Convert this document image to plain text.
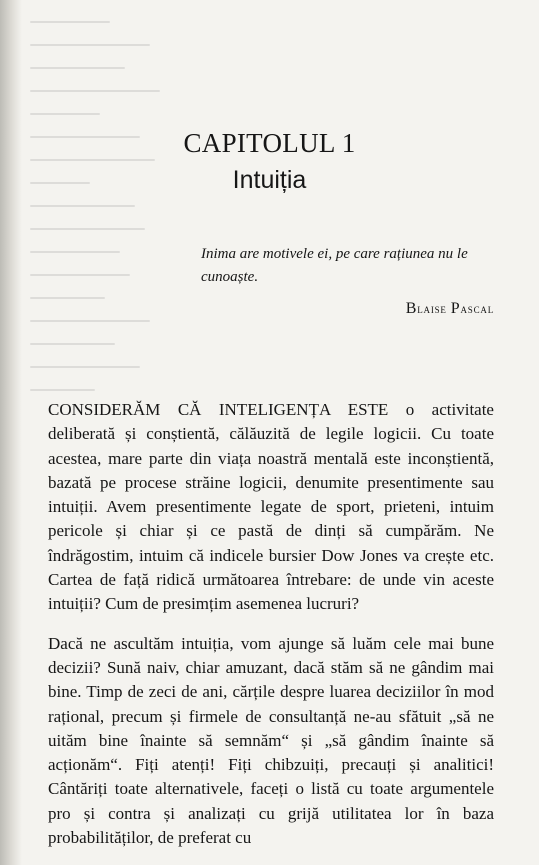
CAPITOLUL 1
Intuiția
Inima are motivele ei, pe care rațiunea nu le cunoaște.
Blaise Pascal

CONSIDERĂM CĂ INTELIGENȚA ESTE o activitate deliberată și conștientă, călăuzită de legile logicii. Cu toate acestea, mare parte din viața noastră mentală este inconștientă, bazată pe procese străine logicii, denumite presentimente sau intuiții. Avem presentimente legate de sport, prieteni, intuim pericole și chiar și ce pastă de dinți să cumpărăm. Ne îndrăgostim, intuim că indicele bursier Dow Jones va crește etc. Cartea de față ridică următoarea întrebare: de unde vin aceste intuiții? Cum de presimțim asemenea lucruri?

Dacă ne ascultăm intuiția, vom ajunge să luăm cele mai bune decizii? Sună naiv, chiar amuzant, dacă stăm să ne gândim mai bine. Timp de zeci de ani, cărțile despre luarea deciziilor în mod rațional, precum și firmele de consultanță ne-au sfătuit „să ne uităm bine înainte să semnăm“ și „să gândim înainte să acționăm“. Fiți atenți! Fiți chibzuiți, precauți și analitici! Cântăriți toate alternativele, faceți o listă cu toate argumentele pro și contra și analizați cu grijă utilitatea lor în baza probabilităților, de preferat cu
